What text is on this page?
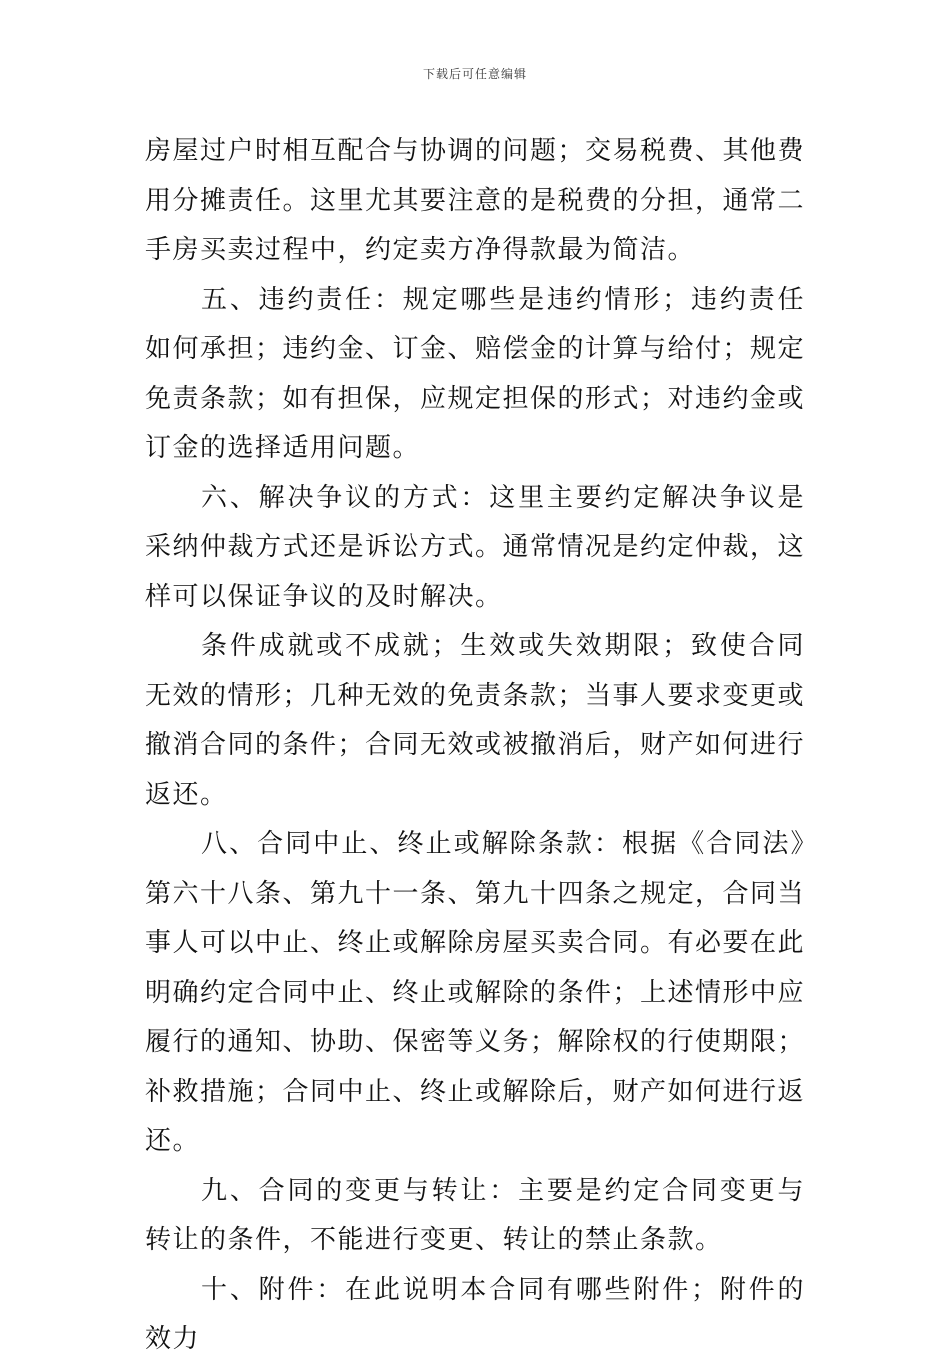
下载后可任意编辑

房屋过户时相互配合与协调的问题；交易税费、其他费用分摊责任。这里尤其要注意的是税费的分担，通常二手房买卖过程中，约定卖方净得款最为简洁。

五、违约责任：规定哪些是违约情形；违约责任如何承担；违约金、订金、赔偿金的计算与给付；规定免责条款；如有担保，应规定担保的形式；对违约金或订金的选择适用问题。

六、解决争议的方式：这里主要约定解决争议是采纳仲裁方式还是诉讼方式。通常情况是约定仲裁，这样可以保证争议的及时解决。

条件成就或不成就；生效或失效期限；致使合同无效的情形；几种无效的免责条款；当事人要求变更或撤消合同的条件；合同无效或被撤消后，财产如何进行返还。

八、合同中止、终止或解除条款：根据《合同法》第六十八条、第九十一条、第九十四条之规定，合同当事人可以中止、终止或解除房屋买卖合同。有必要在此明确约定合同中止、终止或解除的条件；上述情形中应履行的通知、协助、保密等义务；解除权的行使期限；补救措施；合同中止、终止或解除后，财产如何进行返还。

九、合同的变更与转让：主要是约定合同变更与转让的条件，不能进行变更、转让的禁止条款。

十、附件：在此说明本合同有哪些附件；附件的效力
